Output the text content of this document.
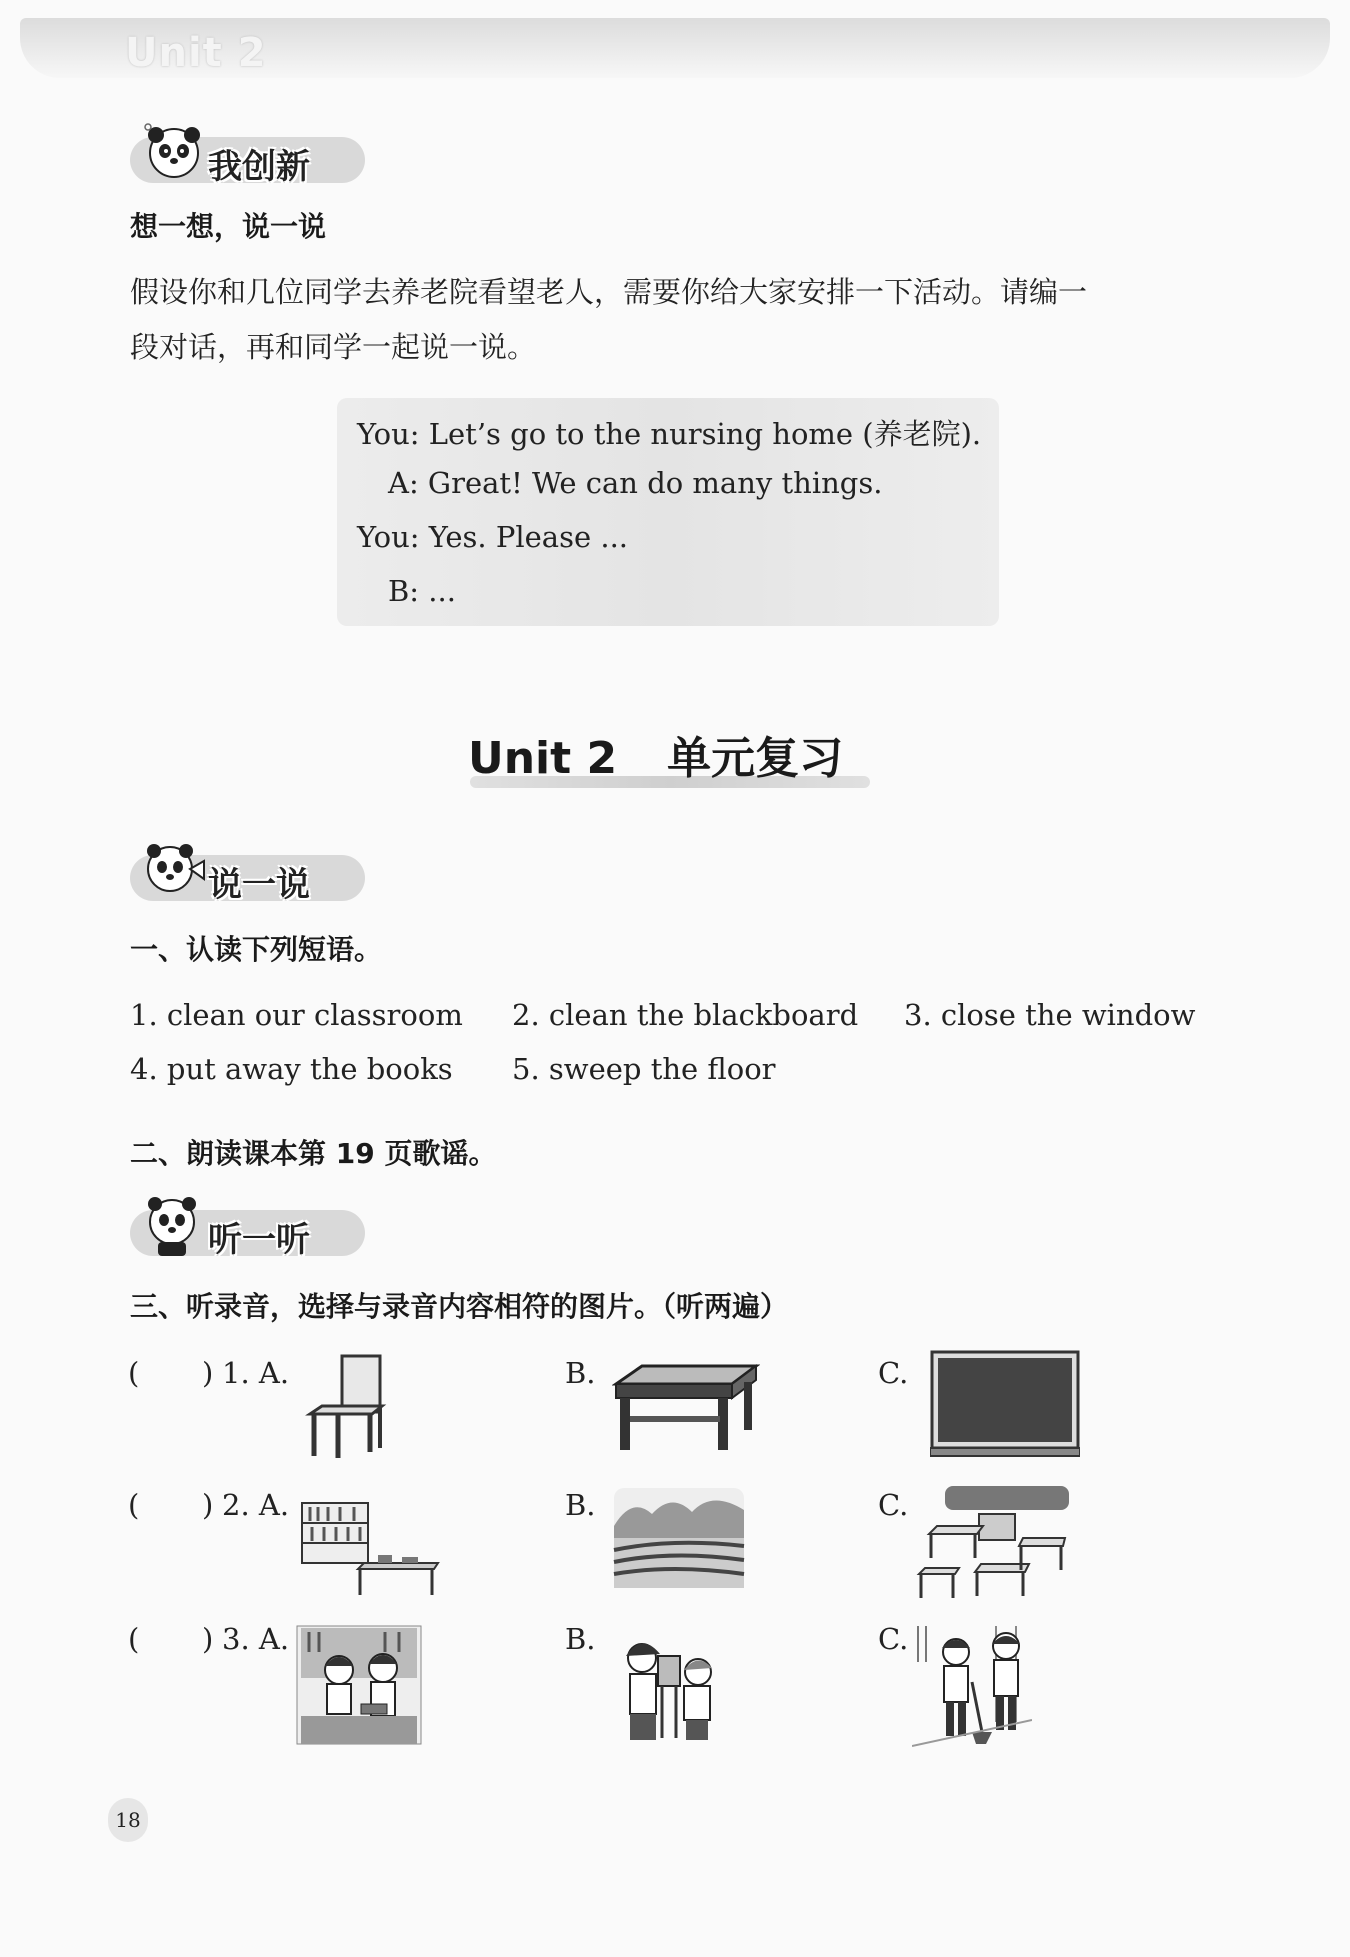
Unit 2
我创新
想一想，说一说
假设你和几位同学去养老院看望老人，需要你给大家安排一下活动。请编一
段对话，再和同学一起说一说。
You: Let’s go to the nursing home (养老院).
A: Great! We can do many things.
You: Yes. Please ...
B: ...
Unit 2 单元复习
说一说
一、认读下列短语。
1. clean our classroom 2. clean the blackboard 3. close the window
4. put away the books 5. sweep the floor
二、朗读课本第 19 页歌谣。
听一听
三、听录音，选择与录音内容相符的图片。（听两遍）
( ) 1. A.	B.	C.
( ) 2. A.	B.	C.
( ) 3. A.	B.	C.
18
